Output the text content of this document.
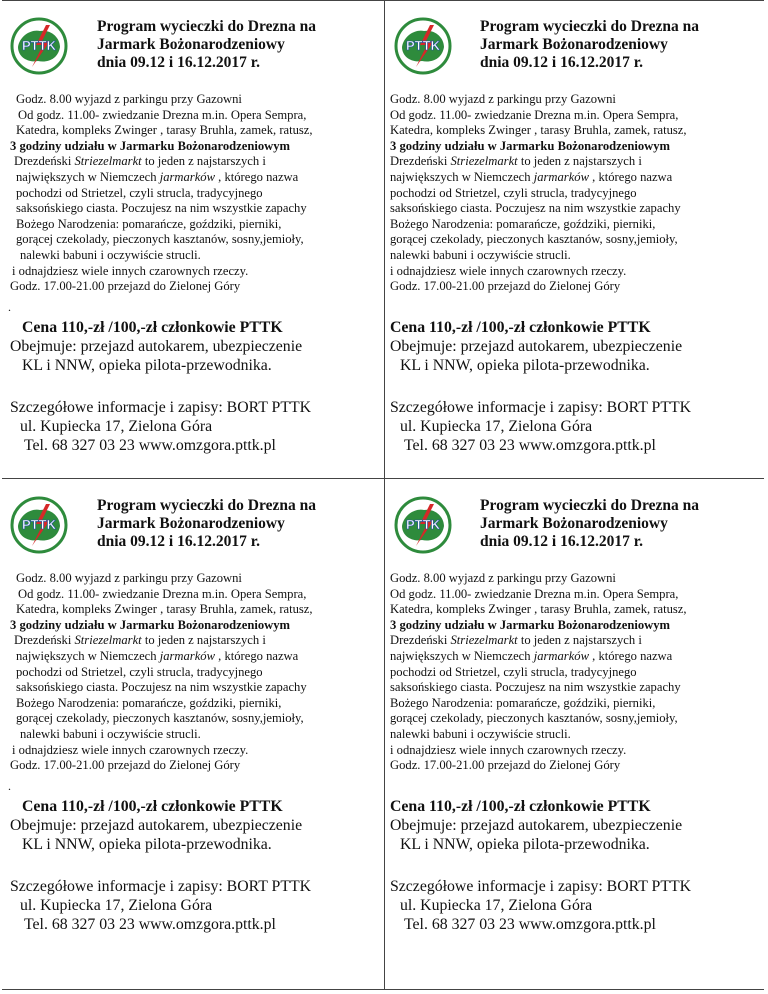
PTTK
Program wycieczki do Drezna na
Jarmark Bożonarodzeniowy
dnia 09.12 i 16.12.2017 r.
Godz. 8.00 wyjazd z parkingu przy Gazowni
Od godz. 11.00- zwiedzanie Drezna m.in. Opera Sempra,
Katedra, kompleks Zwinger , tarasy Bruhla, zamek, ratusz,
3 godziny udziału w Jarmarku Bożonarodzeniowym
Drezdeński Striezelmarkt to jeden z najstarszych i
największych w Niemczech jarmarków , którego nazwa
pochodzi od Strietzel, czyli strucla, tradycyjnego
saksońskiego ciasta. Poczujesz na nim wszystkie zapachy
Bożego Narodzenia: pomarańcze, goździki, pierniki,
gorącej czekolady, pieczonych kasztanów, sosny,jemioły,
nalewki babuni i oczywiście strucli.
i odnajdziesz wiele innych czarownych rzeczy.
Godz. 17.00-21.00 przejazd do Zielonej Góry
.
Cena 110,-zł /100,-zł członkowie PTTK
Obejmuje: przejazd autokarem, ubezpieczenie
KL i NNW, opieka pilota-przewodnika.
Szczegółowe informacje i zapisy: BORT PTTK
ul. Kupiecka 17, Zielona Góra
Tel. 68 327 03 23 www.omzgora.pttk.pl
PTTK
Program wycieczki do Drezna na
Jarmark Bożonarodzeniowy
dnia 09.12 i 16.12.2017 r.
Godz. 8.00 wyjazd z parkingu przy Gazowni
Od godz. 11.00- zwiedzanie Drezna m.in. Opera Sempra,
Katedra, kompleks Zwinger , tarasy Bruhla, zamek, ratusz,
3 godziny udziału w Jarmarku Bożonarodzeniowym
Drezdeński Striezelmarkt to jeden z najstarszych i
największych w Niemczech jarmarków , którego nazwa
pochodzi od Strietzel, czyli strucla, tradycyjnego
saksońskiego ciasta. Poczujesz na nim wszystkie zapachy
Bożego Narodzenia: pomarańcze, goździki, pierniki,
gorącej czekolady, pieczonych kasztanów, sosny,jemioły,
nalewki babuni i oczywiście strucli.
i odnajdziesz wiele innych czarownych rzeczy.
Godz. 17.00-21.00 przejazd do Zielonej Góry
Cena 110,-zł /100,-zł członkowie PTTK
Obejmuje: przejazd autokarem, ubezpieczenie
KL i NNW, opieka pilota-przewodnika.
Szczegółowe informacje i zapisy: BORT PTTK
ul. Kupiecka 17, Zielona Góra
Tel. 68 327 03 23 www.omzgora.pttk.pl
PTTK
Program wycieczki do Drezna na
Jarmark Bożonarodzeniowy
dnia 09.12 i 16.12.2017 r.
Godz. 8.00 wyjazd z parkingu przy Gazowni
Od godz. 11.00- zwiedzanie Drezna m.in. Opera Sempra,
Katedra, kompleks Zwinger , tarasy Bruhla, zamek, ratusz,
3 godziny udziału w Jarmarku Bożonarodzeniowym
Drezdeński Striezelmarkt to jeden z najstarszych i
największych w Niemczech jarmarków , którego nazwa
pochodzi od Strietzel, czyli strucla, tradycyjnego
saksońskiego ciasta. Poczujesz na nim wszystkie zapachy
Bożego Narodzenia: pomarańcze, goździki, pierniki,
gorącej czekolady, pieczonych kasztanów, sosny,jemioły,
nalewki babuni i oczywiście strucli.
i odnajdziesz wiele innych czarownych rzeczy.
Godz. 17.00-21.00 przejazd do Zielonej Góry
.
Cena 110,-zł /100,-zł członkowie PTTK
Obejmuje: przejazd autokarem, ubezpieczenie
KL i NNW, opieka pilota-przewodnika.
Szczegółowe informacje i zapisy: BORT PTTK
ul. Kupiecka 17, Zielona Góra
Tel. 68 327 03 23 www.omzgora.pttk.pl
PTTK
Program wycieczki do Drezna na
Jarmark Bożonarodzeniowy
dnia 09.12 i 16.12.2017 r.
Godz. 8.00 wyjazd z parkingu przy Gazowni
Od godz. 11.00- zwiedzanie Drezna m.in. Opera Sempra,
Katedra, kompleks Zwinger , tarasy Bruhla, zamek, ratusz,
3 godziny udziału w Jarmarku Bożonarodzeniowym
Drezdeński Striezelmarkt to jeden z najstarszych i
największych w Niemczech jarmarków , którego nazwa
pochodzi od Strietzel, czyli strucla, tradycyjnego
saksońskiego ciasta. Poczujesz na nim wszystkie zapachy
Bożego Narodzenia: pomarańcze, goździki, pierniki,
gorącej czekolady, pieczonych kasztanów, sosny,jemioły,
nalewki babuni i oczywiście strucli.
i odnajdziesz wiele innych czarownych rzeczy.
Godz. 17.00-21.00 przejazd do Zielonej Góry
Cena 110,-zł /100,-zł członkowie PTTK
Obejmuje: przejazd autokarem, ubezpieczenie
KL i NNW, opieka pilota-przewodnika.
Szczegółowe informacje i zapisy: BORT PTTK
ul. Kupiecka 17, Zielona Góra
Tel. 68 327 03 23 www.omzgora.pttk.pl
